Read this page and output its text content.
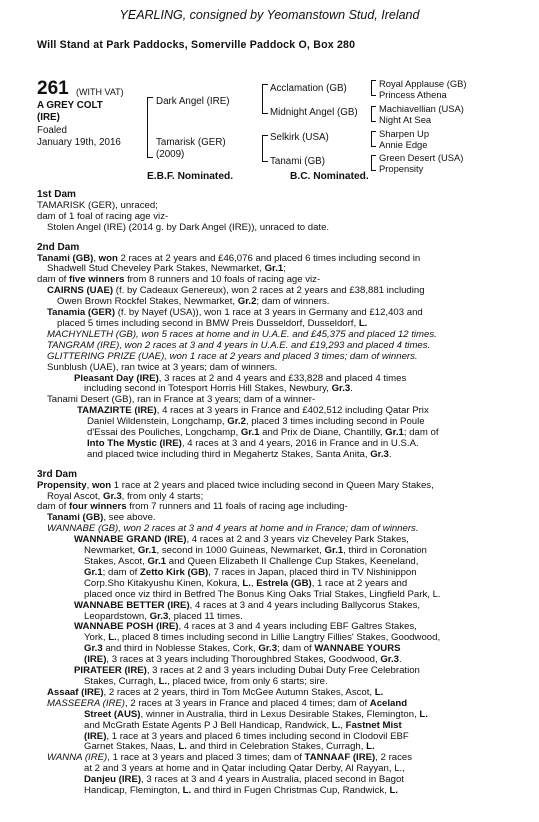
YEARLING, consigned by Yeomanstown Stud, Ireland
Will Stand at Park Paddocks, Somerville Paddock O, Box 280
261 (WITH VAT)
A GREY COLT
(IRE)
Foaled
January 19th, 2016
Dark Angel (IRE)
Tamarisk (GER)
(2009)
Acclamation (GB)
Midnight Angel (GB)
Selkirk (USA)
Tanami (GB)
Royal Applause (GB)
Princess Athena
Machiavellian (USA)
Night At Sea
Sharpen Up
Annie Edge
Green Desert (USA)
Propensity
E.B.F. Nominated.	B.C. Nominated.
1st Dam
TAMARISK (GER), unraced;
dam of 1 foal of racing age viz-
Stolen Angel (IRE) (2014 g. by Dark Angel (IRE)), unraced to date.
2nd Dam
Tanami (GB), won 2 races at 2 years and £46,076 and placed 6 times including second in
Shadwell Stud Cheveley Park Stakes, Newmarket, Gr.1;
dam of five winners from 8 runners and 10 foals of racing age viz-
CAIRNS (UAE) (f. by Cadeaux Genereux), won 2 races at 2 years and £38,881 including
Owen Brown Rockfel Stakes, Newmarket, Gr.2; dam of winners.
Tanamia (GER) (f. by Nayef (USA)), won 1 race at 3 years in Germany and £12,403 and
placed 5 times including second in BMW Preis Dusseldorf, Dusseldorf, L.
MACHYNLETH (GB), won 5 races at home and in U.A.E. and £45,375 and placed 12 times.
TANGRAM (IRE), won 2 races at 3 and 4 years in U.A.E. and £19,293 and placed 4 times.
GLITTERING PRIZE (UAE), won 1 race at 2 years and placed 3 times; dam of winners.
Sunblush (UAE), ran twice at 3 years; dam of winners.
Pleasant Day (IRE), 3 races at 2 and 4 years and £33,828 and placed 4 times
including second in Totesport Horris Hill Stakes, Newbury, Gr.3.
Tanami Desert (GB), ran in France at 3 years; dam of a winner-
TAMAZIRTE (IRE), 4 races at 3 years in France and £402,512 including Qatar Prix
Daniel Wildenstein, Longchamp, Gr.2, placed 3 times including second in Poule
d'Essai des Pouliches, Longchamp, Gr.1 and Prix de Diane, Chantilly, Gr.1; dam of
Into The Mystic (IRE), 4 races at 3 and 4 years, 2016 in France and in U.S.A.
and placed twice including third in Megahertz Stakes, Santa Anita, Gr.3.
3rd Dam
Propensity, won 1 race at 2 years and placed twice including second in Queen Mary Stakes,
Royal Ascot, Gr.3, from only 4 starts;
dam of four winners from 7 runners and 11 foals of racing age including-
Tanami (GB), see above.
WANNABE (GB), won 2 races at 3 and 4 years at home and in France; dam of winners.
WANNABE GRAND (IRE), 4 races at 2 and 3 years viz Cheveley Park Stakes,
Newmarket, Gr.1, second in 1000 Guineas, Newmarket, Gr.1, third in Coronation
Stakes, Ascot, Gr.1 and Queen Elizabeth II Challenge Cup Stakes, Keeneland,
Gr.1; dam of Zetto Kirk (GB), 7 races in Japan, placed third in TV Nishinippon
Corp.Sho Kitakyushu Kinen, Kokura, L., Estrela (GB), 1 race at 2 years and
placed once viz third in Betfred The Bonus King Oaks Trial Stakes, Lingfield Park, L.
WANNABE BETTER (IRE), 4 races at 3 and 4 years including Ballycorus Stakes,
Leopardstown, Gr.3, placed 11 times.
WANNABE POSH (IRE), 4 races at 3 and 4 years including EBF Galtres Stakes,
York, L., placed 8 times including second in Lillie Langtry Fillies' Stakes, Goodwood,
Gr.3 and third in Noblesse Stakes, Cork, Gr.3; dam of WANNABE YOURS
(IRE), 3 races at 3 years including Thoroughbred Stakes, Goodwood, Gr.3.
PIRATEER (IRE), 3 races at 2 and 3 years including Dubai Duty Free Celebration
Stakes, Curragh, L., placed twice, from only 6 starts; sire.
Assaaf (IRE), 2 races at 2 years, third in Tom McGee Autumn Stakes, Ascot, L.
MASSEERA (IRE), 2 races at 3 years in France and placed 4 times; dam of Aceland
Street (AUS), winner in Australia, third in Lexus Desirable Stakes, Flemington, L.
and McGrath Estate Agents P J Bell Handicap, Randwick, L., Fastnet Mist
(IRE), 1 race at 3 years and placed 6 times including second in Clodovil EBF
Garnet Stakes, Naas, L. and third in Celebration Stakes, Curragh, L.
WANNA (IRE), 1 race at 3 years and placed 3 times; dam of TANNAAF (IRE), 2 races
at 2 and 3 years at home and in Qatar including Qatar Derby, Al Rayyan, L.,
Danjeu (IRE), 3 races at 3 and 4 years in Australia, placed second in Bagot
Handicap, Flemington, L. and third in Fugen Christmas Cup, Randwick, L.
